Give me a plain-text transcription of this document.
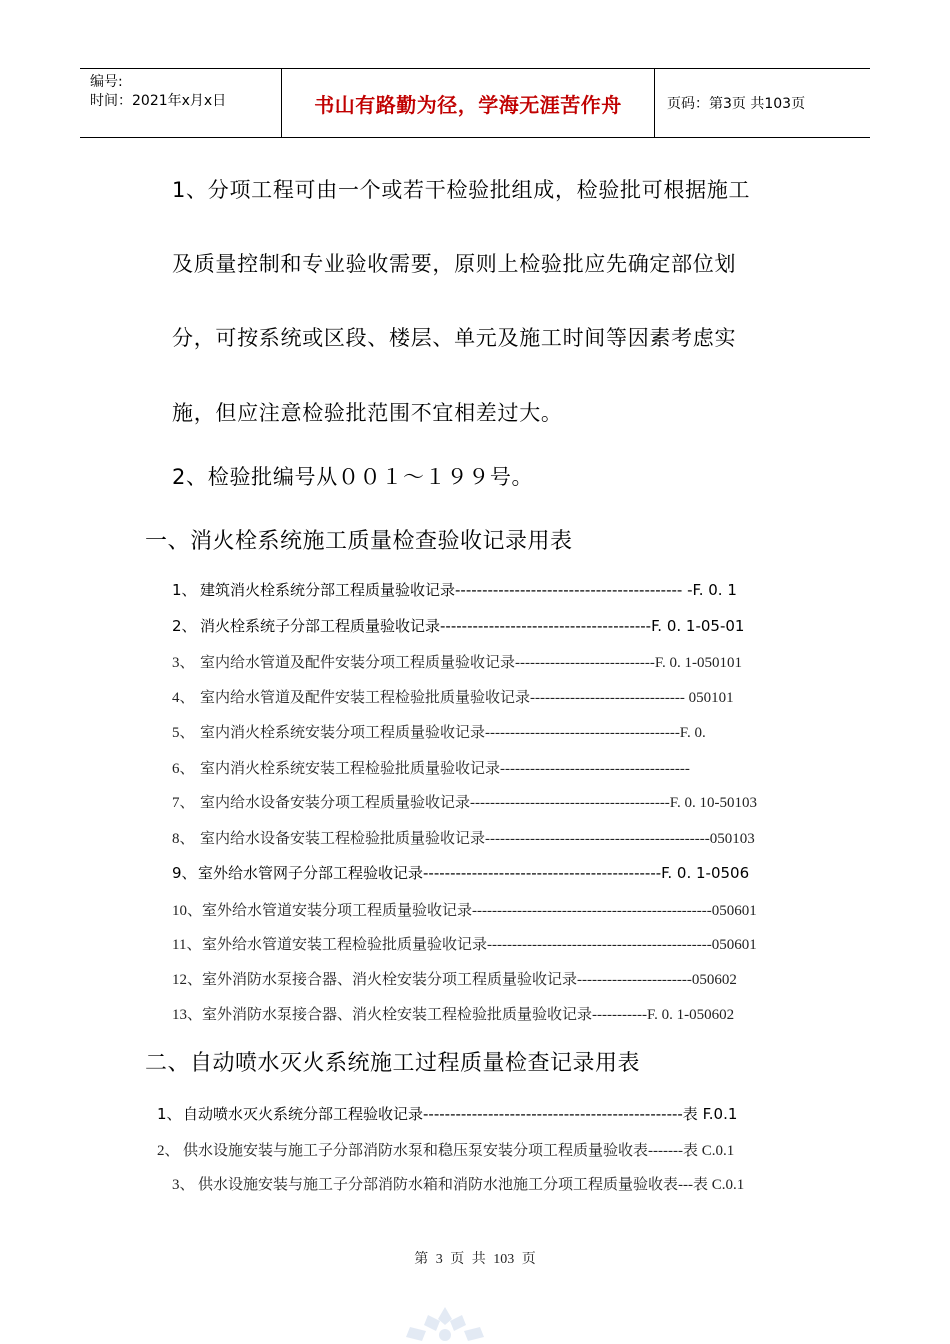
编号:
时间：2021年x月x日	书山有路勤为径，学海无涯苦作舟	页码：第3页 共103页
1、分项工程可由一个或若干检验批组成，检验批可根据施工
及质量控制和专业验收需要，原则上检验批应先确定部位划
分，可按系统或区段、楼层、单元及施工时间等因素考虑实
施，但应注意检验批范围不宜相差过大。
2、检验批编号从００１～１９９号。
一、消火栓系统施工质量检查验收记录用表
1、 建筑消火栓系统分部工程质量验收记录------------------------------------------ -F. 0. 1
2、 消火栓系统子分部工程质量验收记录---------------------------------------F. 0. 1-05-01
3、 室内给水管道及配件安装分项工程质量验收记录----------------------------F. 0. 1-050101
4、 室内给水管道及配件安装工程检验批质量验收记录------------------------------- 050101
5、 室内消火栓系统安装分项工程质量验收记录---------------------------------------F. 0.
6、 室内消火栓系统安装工程检验批质量验收记录--------------------------------------
7、 室内给水设备安装分项工程质量验收记录----------------------------------------F. 0. 10-50103
8、 室内给水设备安装工程检验批质量验收记录---------------------------------------------050103
9、室外给水管网子分部工程验收记录--------------------------------------------F. 0. 1-0506
10、室外给水管道安装分项工程质量验收记录------------------------------------------------050601
11、室外给水管道安装工程检验批质量验收记录---------------------------------------------050601
12、室外消防水泵接合器、消火栓安装分项工程质量验收记录-----------------------050602
13、室外消防水泵接合器、消火栓安装工程检验批质量验收记录-----------F. 0. 1-050602
二、自动喷水灭火系统施工过程质量检查记录用表
1、自动喷水灭火系统分部工程验收记录------------------------------------------------表 F.0.1
2、 供水设施安装与施工子分部消防水泵和稳压泵安装分项工程质量验收表-------表 C.0.1
3、 供水设施安装与施工子分部消防水箱和消防水池施工分项工程质量验收表---表 C.0.1
第 3 页 共 103 页
